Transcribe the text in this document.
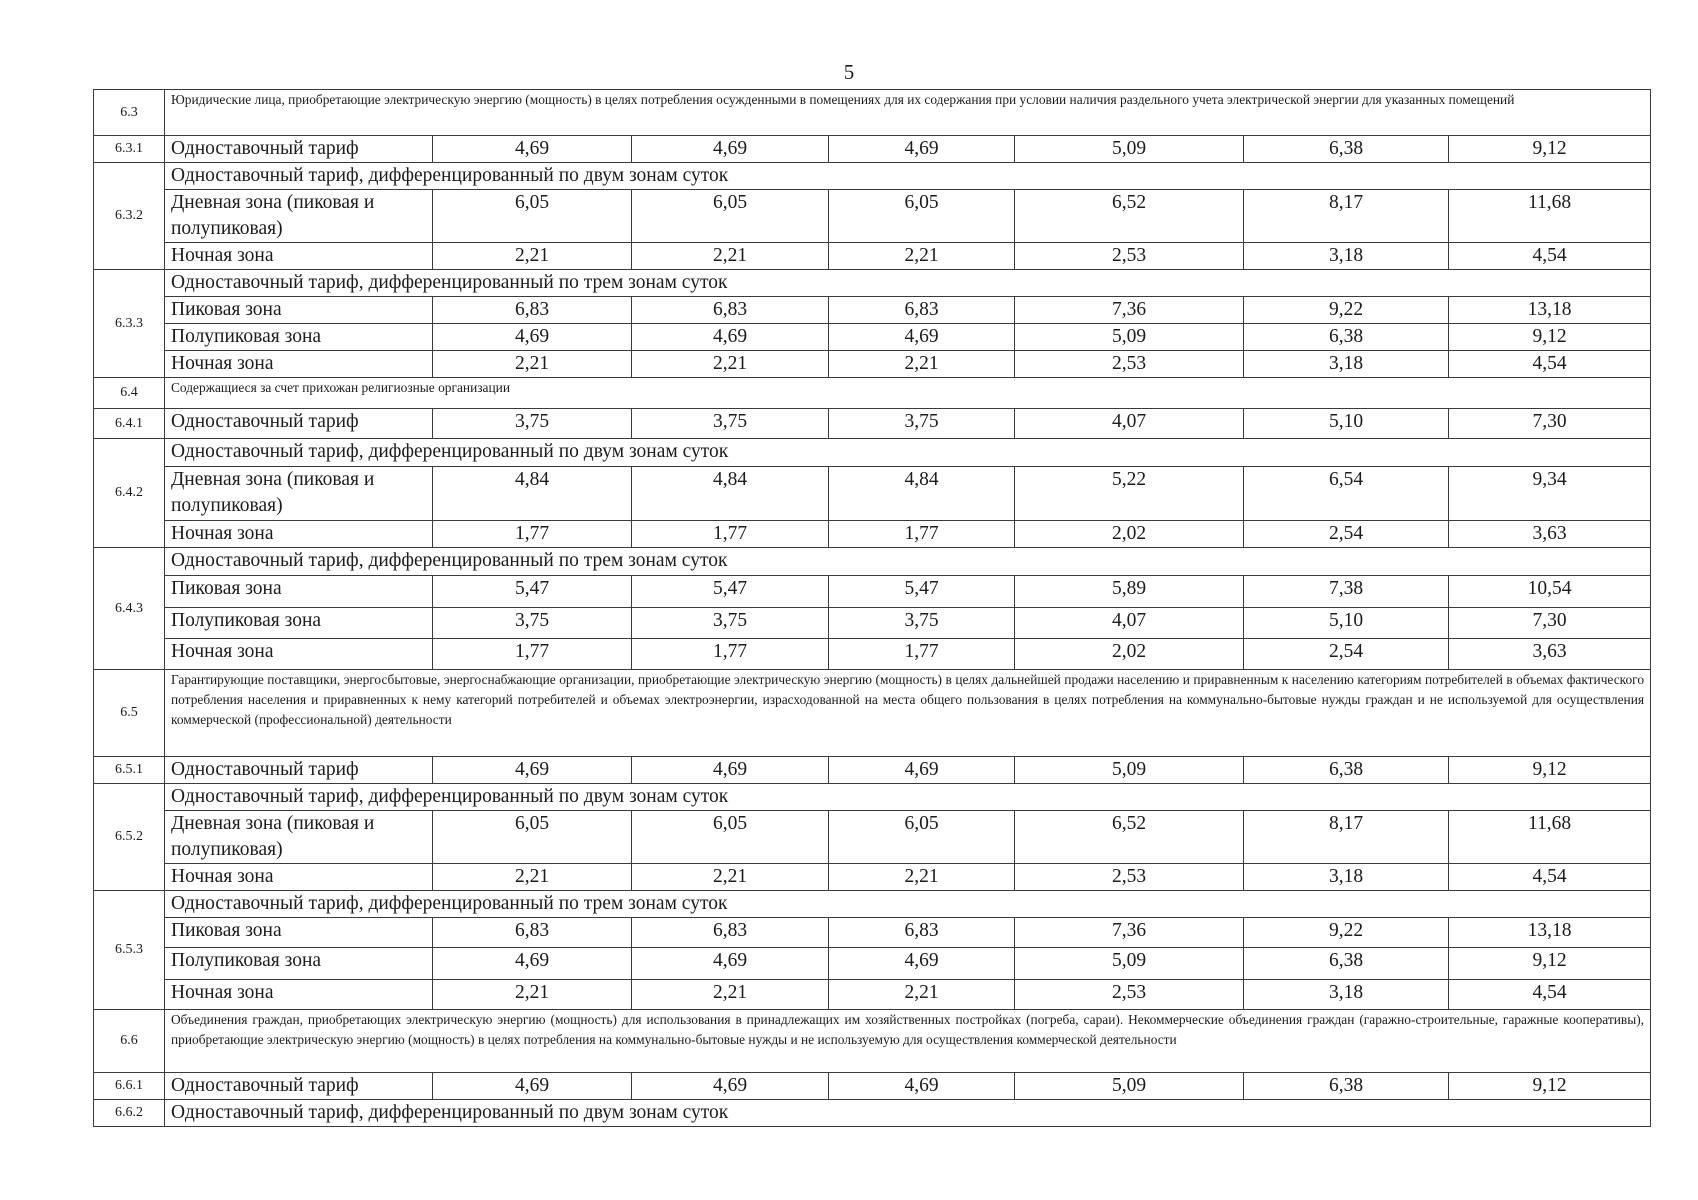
5
6.3	Юридические лица, приобретающие электрическую энергию (мощность) в целях потребления осужденными в помещениях для их содержания при условии наличия раздельного учета электрической энергии для указанных помещений						
6.3.1	Одноставочный тариф	4,69	4,69	4,69	5,09	6,38	9,12
6.3.2	Одноставочный тариф, дифференцированный по двум зонам суток						
	Дневная зона (пиковая и полупиковая)	6,05	6,05	6,05	6,52	8,17	11,68
	Ночная зона	2,21	2,21	2,21	2,53	3,18	4,54
6.3.3	Одноставочный тариф, дифференцированный по трем зонам суток						
	Пиковая зона	6,83	6,83	6,83	7,36	9,22	13,18
	Полупиковая зона	4,69	4,69	4,69	5,09	6,38	9,12
	Ночная зона	2,21	2,21	2,21	2,53	3,18	4,54
6.4	Содержащиеся за счет прихожан религиозные организации						
6.4.1	Одноставочный тариф	3,75	3,75	3,75	4,07	5,10	7,30
6.4.2	Одноставочный тариф, дифференцированный по двум зонам суток						
	Дневная зона (пиковая и полупиковая)	4,84	4,84	4,84	5,22	6,54	9,34
	Ночная зона	1,77	1,77	1,77	2,02	2,54	3,63
6.4.3	Одноставочный тариф, дифференцированный по трем зонам суток						
	Пиковая зона	5,47	5,47	5,47	5,89	7,38	10,54
	Полупиковая зона	3,75	3,75	3,75	4,07	5,10	7,30
	Ночная зона	1,77	1,77	1,77	2,02	2,54	3,63
6.5	Гарантирующие поставщики, энергосбытовые, энергоснабжающие организации, приобретающие электрическую энергию (мощность) в целях дальнейшей продажи населению и приравненным к населению категориям потребителей в объемах фактического потребления населения и приравненных к нему категорий потребителей и объемах электроэнергии, израсходованной на места общего пользования в целях потребления на коммунально-бытовые нужды граждан и не используемой для осуществления коммерческой (профессиональной) деятельности						
6.5.1	Одноставочный тариф	4,69	4,69	4,69	5,09	6,38	9,12
6.5.2	Одноставочный тариф, дифференцированный по двум зонам суток						
	Дневная зона (пиковая и полупиковая)	6,05	6,05	6,05	6,52	8,17	11,68
	Ночная зона	2,21	2,21	2,21	2,53	3,18	4,54
6.5.3	Одноставочный тариф, дифференцированный по трем зонам суток						
	Пиковая зона	6,83	6,83	6,83	7,36	9,22	13,18
	Полупиковая зона	4,69	4,69	4,69	5,09	6,38	9,12
	Ночная зона	2,21	2,21	2,21	2,53	3,18	4,54
6.6	Объединения граждан, приобретающих электрическую энергию (мощность) для использования в принадлежащих им хозяйственных постройках (погреба, сараи). Некоммерческие объединения граждан (гаражно-строительные, гаражные кооперативы), приобретающие электрическую энергию (мощность) в целях потребления на коммунально-бытовые нужды и не используемую для осуществления коммерческой деятельности						
6.6.1	Одноставочный тариф	4,69	4,69	4,69	5,09	6,38	9,12
6.6.2	Одноставочный тариф, дифференцированный по двум зонам суток						
